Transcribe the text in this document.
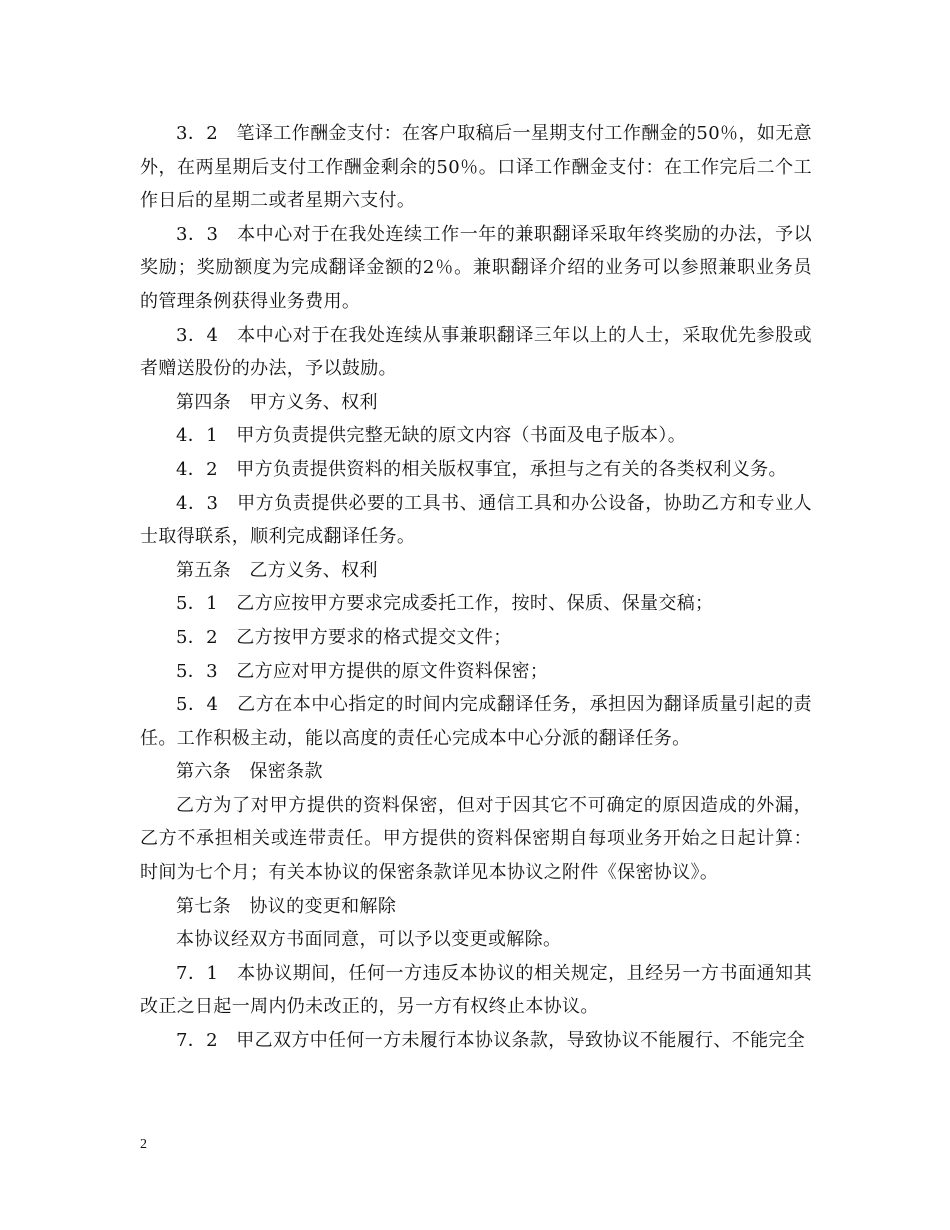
3．2　笔译工作酬金支付：在客户取稿后一星期支付工作酬金的50％，如无意外，在两星期后支付工作酬金剩余的50％。口译工作酬金支付：在工作完后二个工作日后的星期二或者星期六支付。

3．3　本中心对于在我处连续工作一年的兼职翻译采取年终奖励的办法，予以奖励；奖励额度为完成翻译金额的2％。兼职翻译介绍的业务可以参照兼职业务员的管理条例获得业务费用。

3．4　本中心对于在我处连续从事兼职翻译三年以上的人士，采取优先参股或者赠送股份的办法，予以鼓励。

第四条　甲方义务、权利

4．1　甲方负责提供完整无缺的原文内容（书面及电子版本）。

4．2　甲方负责提供资料的相关版权事宜，承担与之有关的各类权利义务。

4．3　甲方负责提供必要的工具书、通信工具和办公设备，协助乙方和专业人士取得联系，顺利完成翻译任务。

第五条　乙方义务、权利

5．1　乙方应按甲方要求完成委托工作，按时、保质、保量交稿；

5．2　乙方按甲方要求的格式提交文件；

5．3　乙方应对甲方提供的原文件资料保密；

5．4　乙方在本中心指定的时间内完成翻译任务，承担因为翻译质量引起的责任。工作积极主动，能以高度的责任心完成本中心分派的翻译任务。

第六条　保密条款

乙方为了对甲方提供的资料保密，但对于因其它不可确定的原因造成的外漏，乙方不承担相关或连带责任。甲方提供的资料保密期自每项业务开始之日起计算：时间为七个月；有关本协议的保密条款详见本协议之附件《保密协议》。

第七条　协议的变更和解除

本协议经双方书面同意，可以予以变更或解除。

7．1　本协议期间，任何一方违反本协议的相关规定，且经另一方书面通知其改正之日起一周内仍未改正的，另一方有权终止本协议。

7．2　甲乙双方中任何一方未履行本协议条款，导致协议不能履行、不能完全

2
